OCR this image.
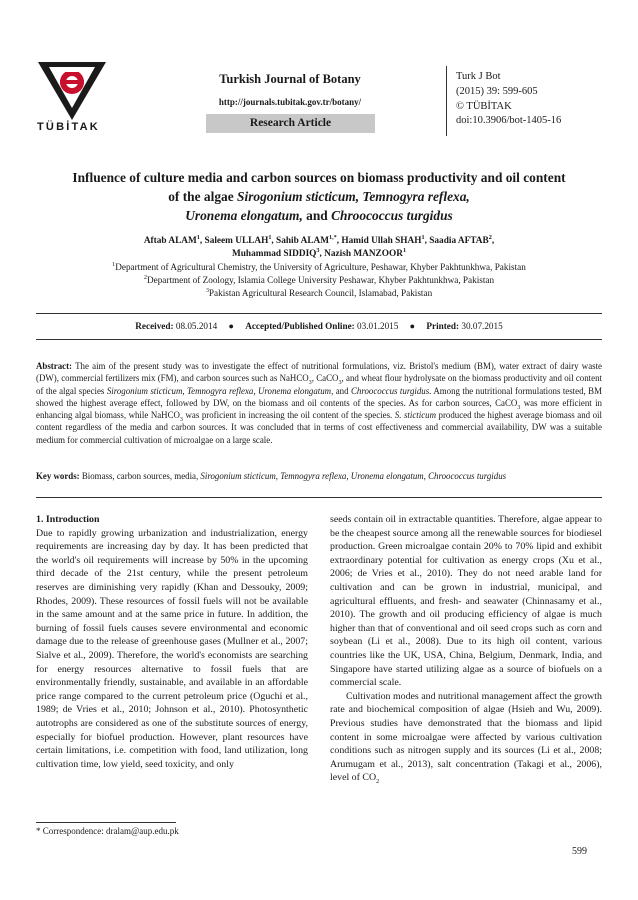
TÜBİTAK
Turkish Journal of Botany
http://journals.tubitak.gov.tr/botany/
Research Article
Turk J Bot
(2015) 39: 599-605
© TÜBİTAK
doi:10.3906/bot-1405-16
Influence of culture media and carbon sources on biomass productivity and oil content of the algae Sirogonium sticticum, Temnogyra reflexa,
Uronema elongatum, and Chroococcus turgidus
Aftab ALAM$^1$, Saleem ULLAH$^1$, Sahib $ALAM^{1,*}$, Hamid Ullah SHAH$^1$, Saadia AFTAB$^2$,
Muhammad SIDDIQ$^3$, Nazish MANZOOR$^1$
$^1$Department of Agricultural Chemistry, the University of Agriculture, Peshawar, Khyber Pakhtunkhwa, Pakistan
$^2$Department of Zoology, Islamia College University Peshawar, Khyber Pakhtunkhwa, Pakistan
$^3$Pakistan Agricultural Research Council, Islamabad, Pakistan
Received: 08.05.2014 ● Accepted/Published Online: 03.01.2015 ● Printed: 30.07.2015
Abstract: The aim of the present study was to investigate the effect of nutritional formulations, viz. Bristol's medium (BM), water extract of dairy waste (DW), commercial fertilizers mix (FM), and carbon sources such as NaHCO$_3$, CaCO$_3$, and wheat flour hydrolysate on the biomass productivity and oil content of the algal species Sirogonium sticticum, Temnogyra reflexa, Uronema elongatum, and Chroococcus turgidus. Among the nutritional formulations tested, BM showed the highest average effect, followed by DW, on the biomass and oil contents of the species. As for carbon sources, CaCO$_3$ was more efficient in enhancing algal biomass, while NaHCO$_3$ was proficient in increasing the oil content of the species. S. sticticum produced the highest average biomass and oil content regardless of the media and carbon sources. It was concluded that in terms of cost effectiveness and commercial availability, DW was a suitable medium for commercial cultivation of microalgae on a large scale.
Key words: Biomass, carbon sources, media, Sirogonium sticticum, Temnogyra reflexa, Uronema elongatum, Chroococcus turgidus
1. Introduction

Due to rapidly growing urbanization and industrialization, energy requirements are increasing day by day. It has been predicted that the world's oil requirements will increase by 50% in the upcoming third decade of the 21st century, while the present petroleum reserves are diminishing very rapidly (Khan and Dessouky, 2009; Rhodes, 2009). These resources of fossil fuels will not be available in the same amount and at the same price in future. In addition, the burning of fossil fuels causes severe environmental and economic damage due to the release of greenhouse gases (Mullner et al., 2007; Sialve et al., 2009). Therefore, the world's economists are searching for energy resources alternative to fossil fuels that are environmentally friendly, sustainable, and available in an affordable price range compared to the current petroleum price (Oguchi et al., 1989; de Vries et al., 2010; Johnson et al., 2010). Photosynthetic autotrophs are considered as one of the substitute sources of energy, especially for biofuel production. However, plant resources have certain limitations, i.e. competition with food, land utilization, long cultivation time, low yield, seed toxicity, and only

seeds contain oil in extractable quantities. Therefore, algae appear to be the cheapest source among all the renewable sources for biodiesel production. Green microalgae contain 20% to 70% lipid and exhibit extraordinary potential for cultivation as energy crops (Xu et al., 2006; de Vries et al., 2010). They do not need arable land for cultivation and can be grown in industrial, municipal, and agricultural effluents, and fresh- and seawater (Chinnasamy et al., 2010). The growth and oil producing efficiency of algae is much higher than that of conventional and oil seed crops such as corn and soybean (Li et al., 2008). Due to its high oil content, various countries like the UK, USA, China, Belgium, Denmark, India, and Singapore have started utilizing algae as a source of biofuels on a commercial scale.

Cultivation modes and nutritional management affect the growth rate and biochemical composition of algae (Hsieh and Wu, 2009). Previous studies have demonstrated that the biomass and lipid content in some microalgae were affected by various cultivation conditions such as nitrogen supply and its sources (Li et al., 2008; Arumugam et al., 2013), salt concentration (Takagi et al., 2006), level of $CO_2$

* Correspondence: dralam@aup.edu.pk
599
